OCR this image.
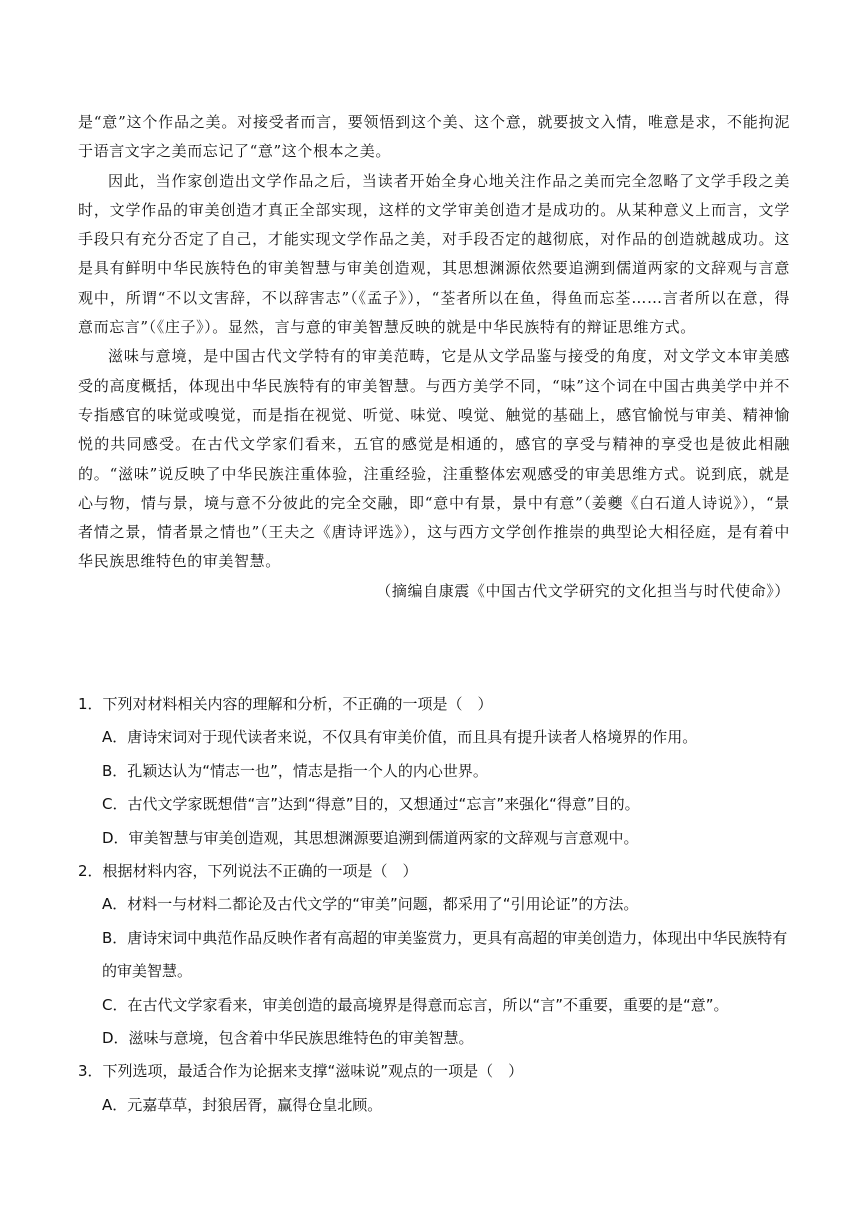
是“意”这个作品之美。对接受者而言，要领悟到这个美、这个意，就要披文入情，唯意是求，不能拘泥于语言文字之美而忘记了“意”这个根本之美。

因此，当作家创造出文学作品之后，当读者开始全身心地关注作品之美而完全忽略了文学手段之美时，文学作品的审美创造才真正全部实现，这样的文学审美创造才是成功的。从某种意义上而言，文学手段只有充分否定了自己，才能实现文学作品之美，对手段否定的越彻底，对作品的创造就越成功。这是具有鲜明中华民族特色的审美智慧与审美创造观，其思想渊源依然要追溯到儒道两家的文辞观与言意观中，所谓“不以文害辞，不以辞害志”（《孟子》），“荃者所以在鱼，得鱼而忘荃……言者所以在意，得意而忘言”（《庄子》）。显然，言与意的审美智慧反映的就是中华民族特有的辩证思维方式。

滋味与意境，是中国古代文学特有的审美范畴，它是从文学品鉴与接受的角度，对文学文本审美感受的高度概括，体现出中华民族特有的审美智慧。与西方美学不同，“味”这个词在中国古典美学中并不专指感官的味觉或嗅觉，而是指在视觉、听觉、味觉、嗅觉、触觉的基础上，感官愉悦与审美、精神愉悦的共同感受。在古代文学家们看来，五官的感觉是相通的，感官的享受与精神的享受也是彼此相融的。“滋味”说反映了中华民族注重体验，注重经验，注重整体宏观感受的审美思维方式。说到底，就是心与物，情与景，境与意不分彼此的完全交融，即“意中有景，景中有意”（姜夔《白石道人诗说》），“景者情之景，情者景之情也”（王夫之《唐诗评选》），这与西方文学创作推崇的典型论大相径庭，是有着中华民族思维特色的审美智慧。

（摘编自康震《中国古代文学研究的文化担当与时代使命》）

1．下列对材料相关内容的理解和分析，不正确的一项是（　）

A．唐诗宋词对于现代读者来说，不仅具有审美价值，而且具有提升读者人格境界的作用。

B．孔颖达认为“情志一也”，情志是指一个人的内心世界。

C．古代文学家既想借“言”达到“得意”目的，又想通过“忘言”来强化“得意”目的。

D．审美智慧与审美创造观，其思想渊源要追溯到儒道两家的文辞观与言意观中。

2．根据材料内容，下列说法不正确的一项是（　）

A．材料一与材料二都论及古代文学的“审美”问题，都采用了“引用论证”的方法。

B．唐诗宋词中典范作品反映作者有高超的审美鉴赏力，更具有高超的审美创造力，体现出中华民族特有的审美智慧。

C．在古代文学家看来，审美创造的最高境界是得意而忘言，所以“言”不重要，重要的是“意”。

D．滋味与意境，包含着中华民族思维特色的审美智慧。

3．下列选项，最适合作为论据来支撑“滋味说”观点的一项是（　）

A．元嘉草草，封狼居胥，赢得仓皇北顾。
